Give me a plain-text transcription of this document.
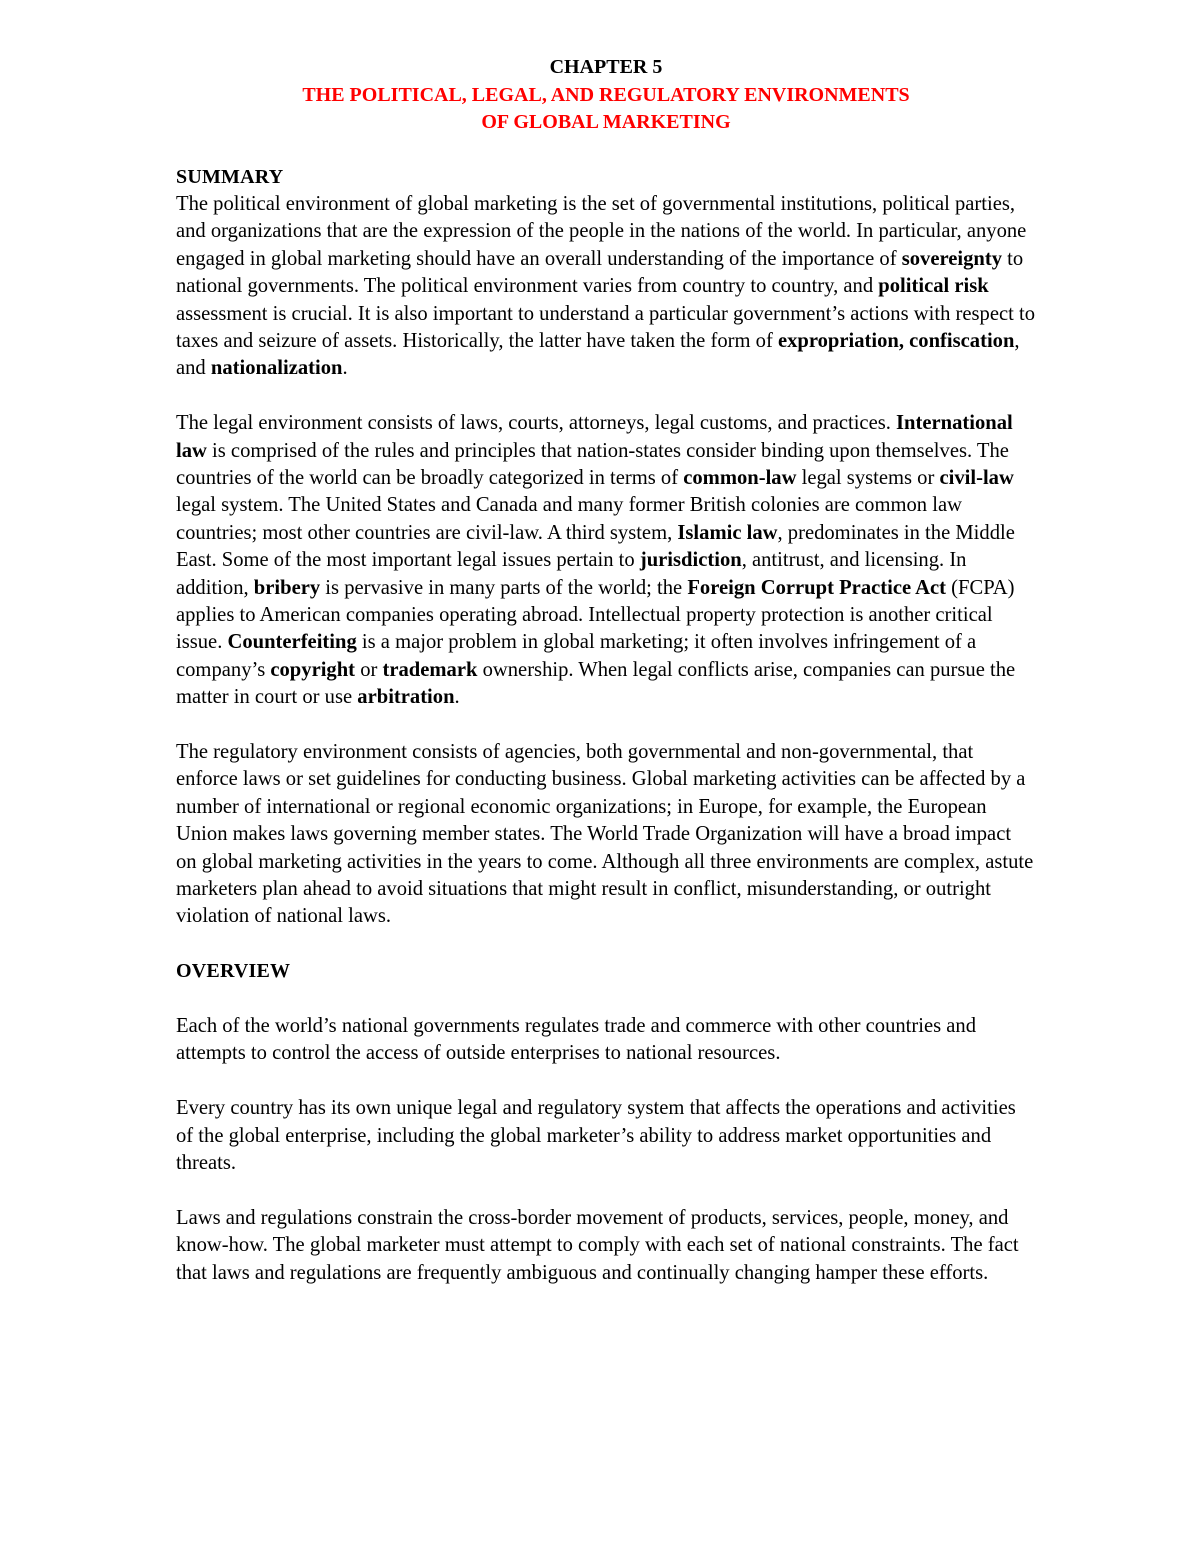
CHAPTER 5
THE POLITICAL, LEGAL, AND REGULATORY ENVIRONMENTS
OF GLOBAL MARKETING
SUMMARY

The political environment of global marketing is the set of governmental institutions, political parties, and organizations that are the expression of the people in the nations of the world. In particular, anyone engaged in global marketing should have an overall understanding of the importance of sovereignty to national governments. The political environment varies from country to country, and political risk assessment is crucial. It is also important to understand a particular government’s actions with respect to taxes and seizure of assets. Historically, the latter have taken the form of expropriation, confiscation, and nationalization.

The legal environment consists of laws, courts, attorneys, legal customs, and practices. International law is comprised of the rules and principles that nation-states consider binding upon themselves. The countries of the world can be broadly categorized in terms of common-law legal systems or civil-law legal system. The United States and Canada and many former British colonies are common law countries; most other countries are civil-law. A third system, Islamic law, predominates in the Middle East. Some of the most important legal issues pertain to jurisdiction, antitrust, and licensing. In addition, bribery is pervasive in many parts of the world; the Foreign Corrupt Practice Act (FCPA) applies to American companies operating abroad. Intellectual property protection is another critical issue. Counterfeiting is a major problem in global marketing; it often involves infringement of a company’s copyright or trademark ownership. When legal conflicts arise, companies can pursue the matter in court or use arbitration.

The regulatory environment consists of agencies, both governmental and non-governmental, that enforce laws or set guidelines for conducting business. Global marketing activities can be affected by a number of international or regional economic organizations; in Europe, for example, the European Union makes laws governing member states. The World Trade Organization will have a broad impact on global marketing activities in the years to come. Although all three environments are complex, astute marketers plan ahead to avoid situations that might result in conflict, misunderstanding, or outright violation of national laws.

OVERVIEW

Each of the world’s national governments regulates trade and commerce with other countries and attempts to control the access of outside enterprises to national resources.

Every country has its own unique legal and regulatory system that affects the operations and activities of the global enterprise, including the global marketer’s ability to address market opportunities and threats.

Laws and regulations constrain the cross-border movement of products, services, people, money, and know-how. The global marketer must attempt to comply with each set of national constraints. The fact that laws and regulations are frequently ambiguous and continually changing hamper these efforts.
